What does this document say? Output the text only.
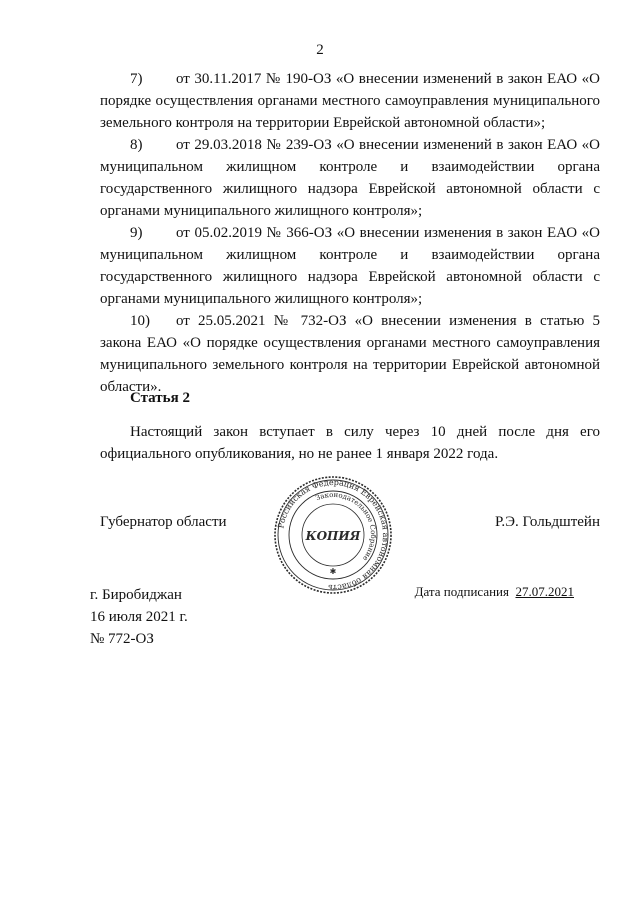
2

7) от 30.11.2017 № 190-ОЗ «О внесении изменений в закон ЕАО «О порядке осуществления органами местного самоуправления муниципального земельного контроля на территории Еврейской автономной области»;

8) от 29.03.2018 № 239-ОЗ «О внесении изменений в закон ЕАО «О муниципальном жилищном контроле и взаимодействии органа государственного жилищного надзора Еврейской автономной области с органами муниципального жилищного контроля»;

9) от 05.02.2019 № 366-ОЗ «О внесении изменения в закон ЕАО «О муниципальном жилищном контроле и взаимодействии органа государственного жилищного надзора Еврейской автономной области с органами муниципального жилищного контроля»;

10) от 25.05.2021 № 732-ОЗ «О внесении изменения в статью 5 закона ЕАО «О порядке осуществления органами местного самоуправления муниципального земельного контроля на территории Еврейской автономной области».

Статья 2

Настоящий закон вступает в силу через 10 дней после дня его официального опубликования, но не ранее 1 января 2022 года.

Губернатор области	Р.Э. Гольдштейн
Российская Федерация Еврейская автономная область
Законодательное Собрание
КОПИЯ
✱
г. Биробиджан
16 июля 2021 г.
№ 772-ОЗ
Дата подписания 27.07.2021
